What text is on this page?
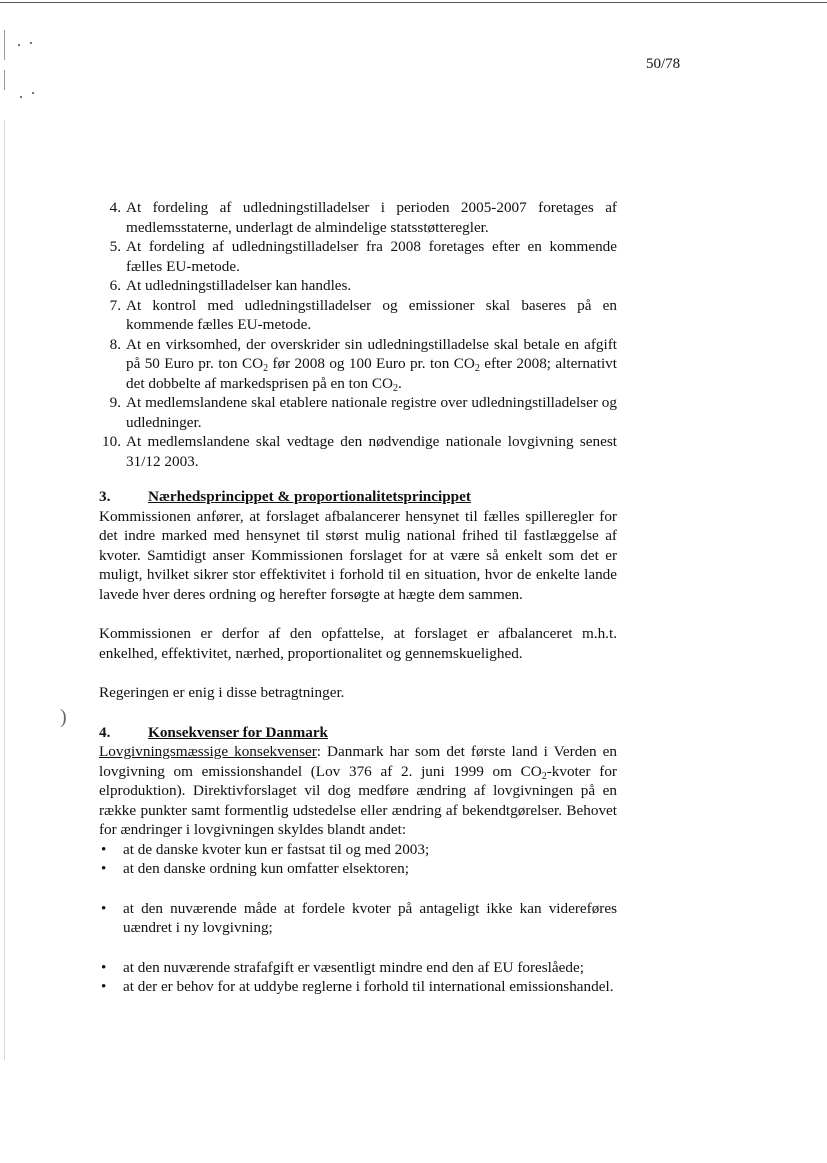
)
50/78
4. At fordeling af udledningstilladelser i perioden 2005-2007 foretages af medlemsstaterne, underlagt de almindelige statsstøtteregler.
5. At fordeling af udledningstilladelser fra 2008 foretages efter en kommende fælles EU-metode.
6. At udledningstilladelser kan handles.
7. At kontrol med udledningstilladelser og emissioner skal baseres på en kommende fælles EU-metode.
8. At en virksomhed, der overskrider sin udledningstilladelse skal betale en afgift på 50 Euro pr. ton $CO_2$ før 2008 og 100 Euro pr. ton $CO_2$ efter 2008; alternativt det dobbelte af markedsprisen på en ton $CO_2$.
9. At medlemslandene skal etablere nationale registre over udledningstilladelser og udledninger.
10. At medlemslandene skal vedtage den nødvendige nationale lovgivning senest 31/12 2003.
3.	Nærhedsprincippet & proportionalitetsprincippet

Kommissionen anfører, at forslaget afbalancerer hensynet til fælles spilleregler for det indre marked med hensynet til størst mulig national frihed til fastlæggelse af kvoter. Samtidigt anser Kommissionen forslaget for at være så enkelt som det er muligt, hvilket sikrer stor effektivitet i forhold til en situation, hvor de enkelte lande lavede hver deres ordning og herefter forsøgte at hægte dem sammen.

Kommissionen er derfor af den opfattelse, at forslaget er afbalanceret m.h.t. enkelhed, effektivitet, nærhed, proportionalitet og gennemskuelighed.

Regeringen er enig i disse betragtninger.

4.	Konsekvenser for Danmark

Lovgivningsmæssige konsekvenser: Danmark har som det første land i Verden en lovgivning om emissionshandel (Lov 376 af 2. juni 1999 om $CO_2$-kvoter for elproduktion). Direktivforslaget vil dog medføre ændring af lovgivningen på en række punkter samt formentlig udstedelse eller ændring af bekendtgørelser. Behovet for ændringer i lovgivningen skyldes blandt andet:

•	at de danske kvoter kun er fastsat til og med 2003;
•	at den danske ordning kun omfatter elsektoren;
•	at den nuværende måde at fordele kvoter på antageligt ikke kan videreføres uændret i ny lovgivning;
•	at den nuværende strafafgift er væsentligt mindre end den af EU foreslåede;
•	at der er behov for at uddybe reglerne i forhold til international emissionshandel.
